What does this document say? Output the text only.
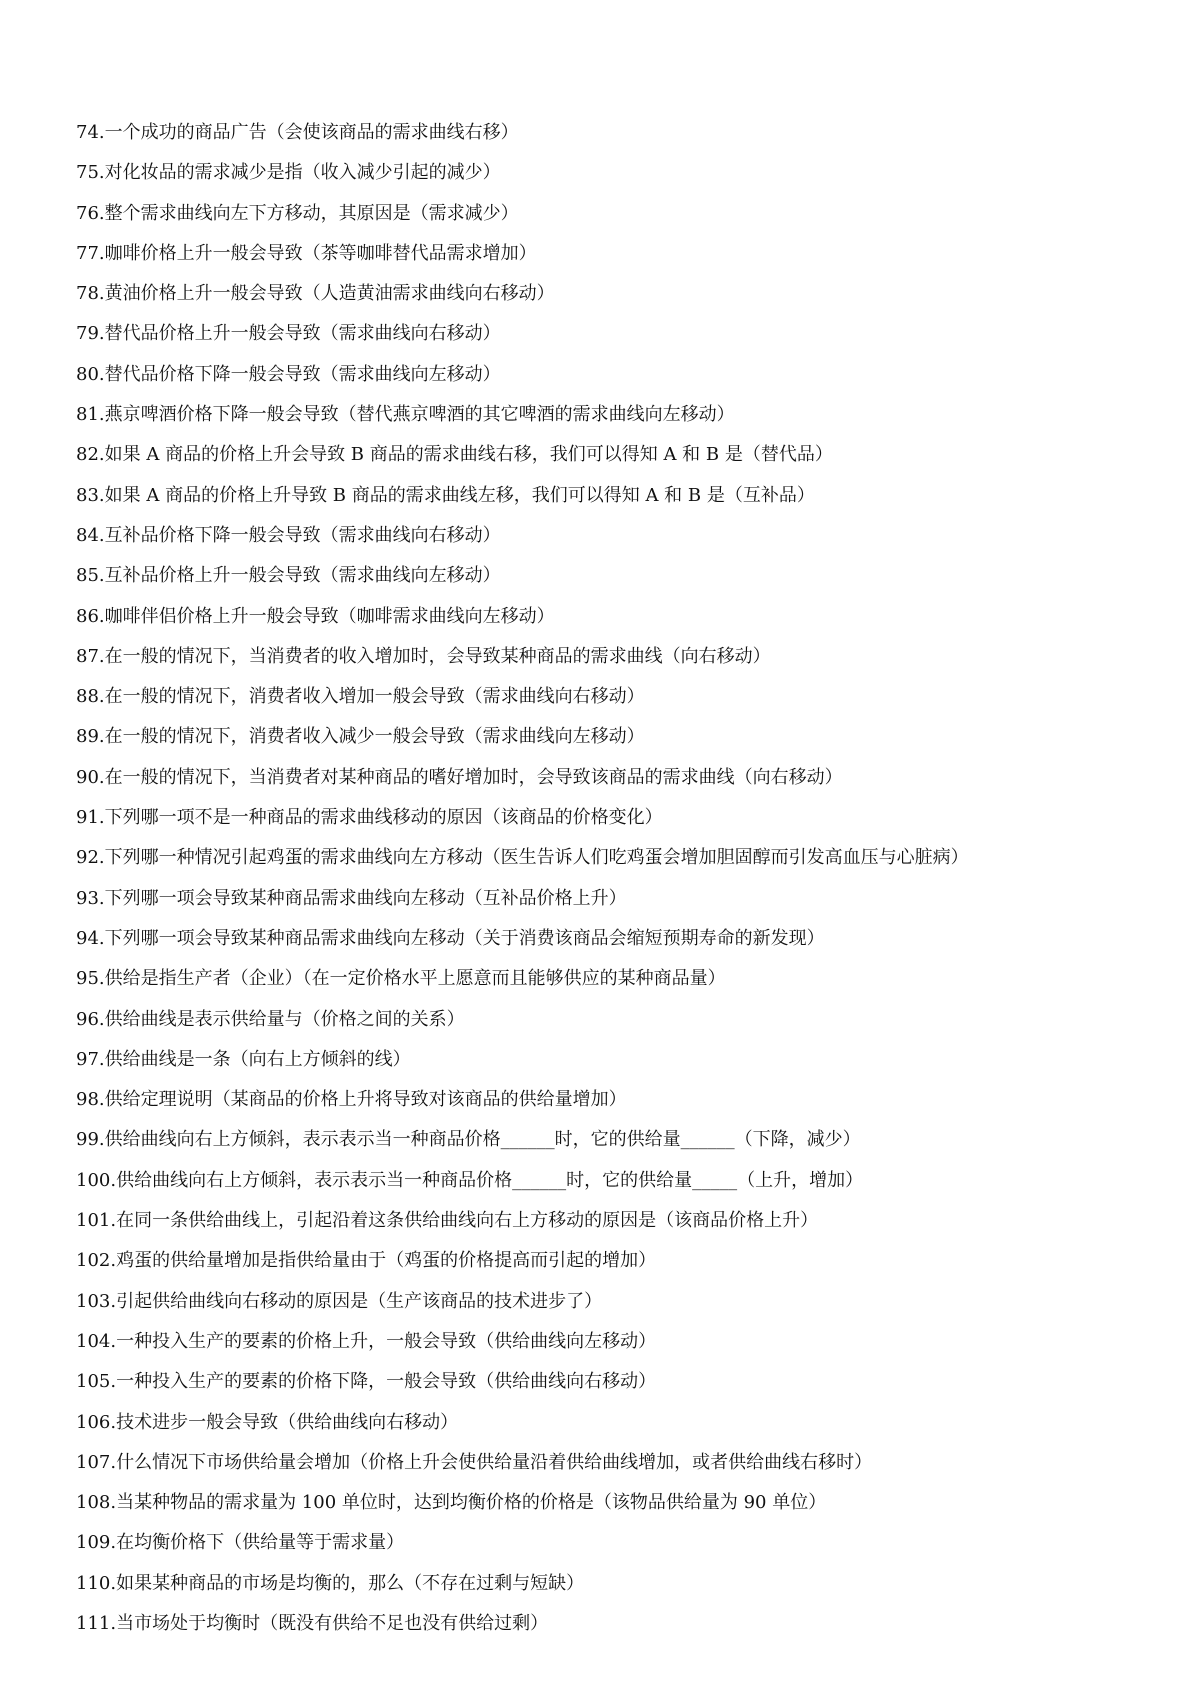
74.一个成功的商品广告（会使该商品的需求曲线右移）
75.对化妆品的需求减少是指（收入减少引起的减少）
76.整个需求曲线向左下方移动，其原因是（需求减少）
77.咖啡价格上升一般会导致（茶等咖啡替代品需求增加）
78.黄油价格上升一般会导致（人造黄油需求曲线向右移动）
79.替代品价格上升一般会导致（需求曲线向右移动）
80.替代品价格下降一般会导致（需求曲线向左移动）
81.燕京啤酒价格下降一般会导致（替代燕京啤酒的其它啤酒的需求曲线向左移动）
82.如果 A 商品的价格上升会导致 B 商品的需求曲线右移，我们可以得知 A 和 B 是（替代品）
83.如果 A 商品的价格上升导致 B 商品的需求曲线左移，我们可以得知 A 和 B 是（互补品）
84.互补品价格下降一般会导致（需求曲线向右移动）
85.互补品价格上升一般会导致（需求曲线向左移动）
86.咖啡伴侣价格上升一般会导致（咖啡需求曲线向左移动）
87.在一般的情况下，当消费者的收入增加时，会导致某种商品的需求曲线（向右移动）
88.在一般的情况下，消费者收入增加一般会导致（需求曲线向右移动）
89.在一般的情况下，消费者收入减少一般会导致（需求曲线向左移动）
90.在一般的情况下，当消费者对某种商品的嗜好增加时，会导致该商品的需求曲线（向右移动）
91.下列哪一项不是一种商品的需求曲线移动的原因（该商品的价格变化）
92.下列哪一种情况引起鸡蛋的需求曲线向左方移动（医生告诉人们吃鸡蛋会增加胆固醇而引发高血压与心脏病）
93.下列哪一项会导致某种商品需求曲线向左移动（互补品价格上升）
94.下列哪一项会导致某种商品需求曲线向左移动（关于消费该商品会缩短预期寿命的新发现）
95.供给是指生产者（企业）（在一定价格水平上愿意而且能够供应的某种商品量）
96.供给曲线是表示供给量与（价格之间的关系）
97.供给曲线是一条（向右上方倾斜的线）
98.供给定理说明（某商品的价格上升将导致对该商品的供给量增加）
99.供给曲线向右上方倾斜，表示表示当一种商品价格______时，它的供给量______（下降，减少）
100.供给曲线向右上方倾斜，表示表示当一种商品价格______时，它的供给量_____（上升，增加）
101.在同一条供给曲线上，引起沿着这条供给曲线向右上方移动的原因是（该商品价格上升）
102.鸡蛋的供给量增加是指供给量由于（鸡蛋的价格提高而引起的增加）
103.引起供给曲线向右移动的原因是（生产该商品的技术进步了）
104.一种投入生产的要素的价格上升，一般会导致（供给曲线向左移动）
105.一种投入生产的要素的价格下降，一般会导致（供给曲线向右移动）
106.技术进步一般会导致（供给曲线向右移动）
107.什么情况下市场供给量会增加（价格上升会使供给量沿着供给曲线增加，或者供给曲线右移时）
108.当某种物品的需求量为 100 单位时，达到均衡价格的价格是（该物品供给量为 90 单位）
109.在均衡价格下（供给量等于需求量）
110.如果某种商品的市场是均衡的，那么（不存在过剩与短缺）
111.当市场处于均衡时（既没有供给不足也没有供给过剩）
